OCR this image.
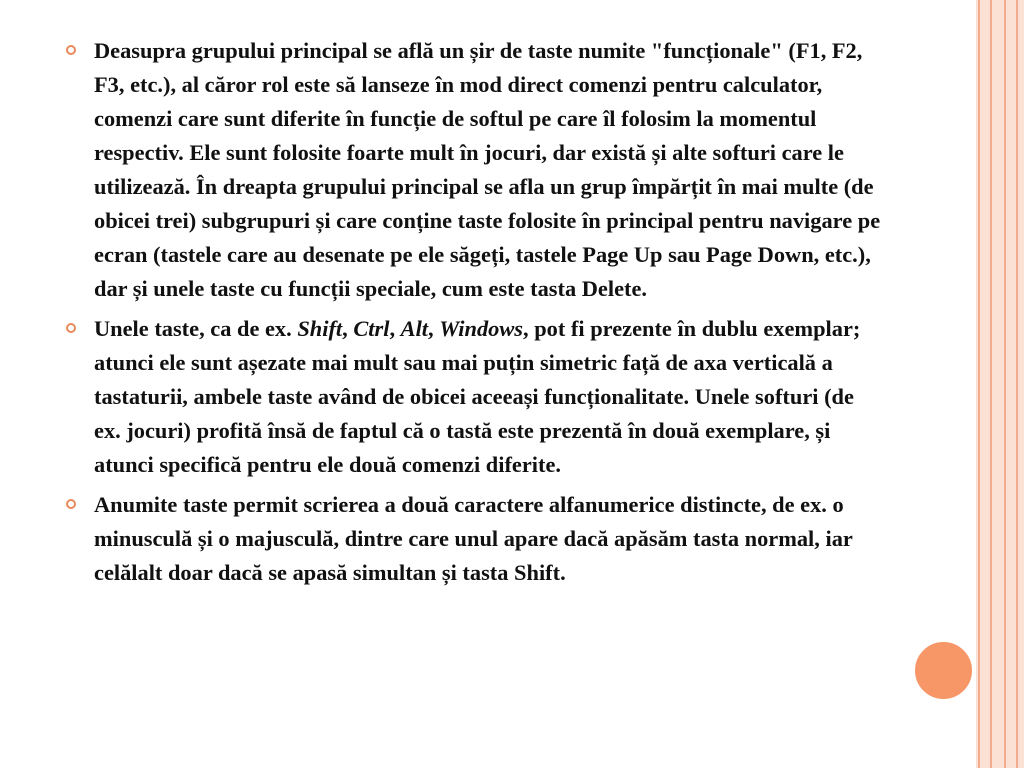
Deasupra grupului principal se află un șir de taste numite "funcționale" (F1, F2, F3, etc.), al căror rol este să lanseze în mod direct comenzi pentru calculator, comenzi care sunt diferite în funcție de softul pe care îl folosim la momentul respectiv. Ele sunt folosite foarte mult în jocuri, dar există și alte softuri care le utilizează. În dreapta grupului principal se afla un grup împărțit în mai multe (de obicei trei) subgrupuri și care conține taste folosite în principal pentru navigare pe ecran (tastele care au desenate pe ele săgeți, tastele Page Up sau Page Down, etc.), dar și unele taste cu funcții speciale, cum este tasta Delete.
Unele taste, ca de ex. Shift, Ctrl, Alt, Windows, pot fi prezente în dublu exemplar; atunci ele sunt așezate mai mult sau mai puțin simetric față de axa verticală a tastaturii, ambele taste având de obicei aceeași funcționalitate. Unele softuri (de ex. jocuri) profită însă de faptul că o tastă este prezentă în două exemplare, și atunci specifică pentru ele două comenzi diferite.
Anumite taste permit scrierea a două caractere alfanumerice distincte, de ex. o minusculă și o majusculă, dintre care unul apare dacă apăsăm tasta normal, iar celălalt doar dacă se apasă simultan și tasta Shift.
